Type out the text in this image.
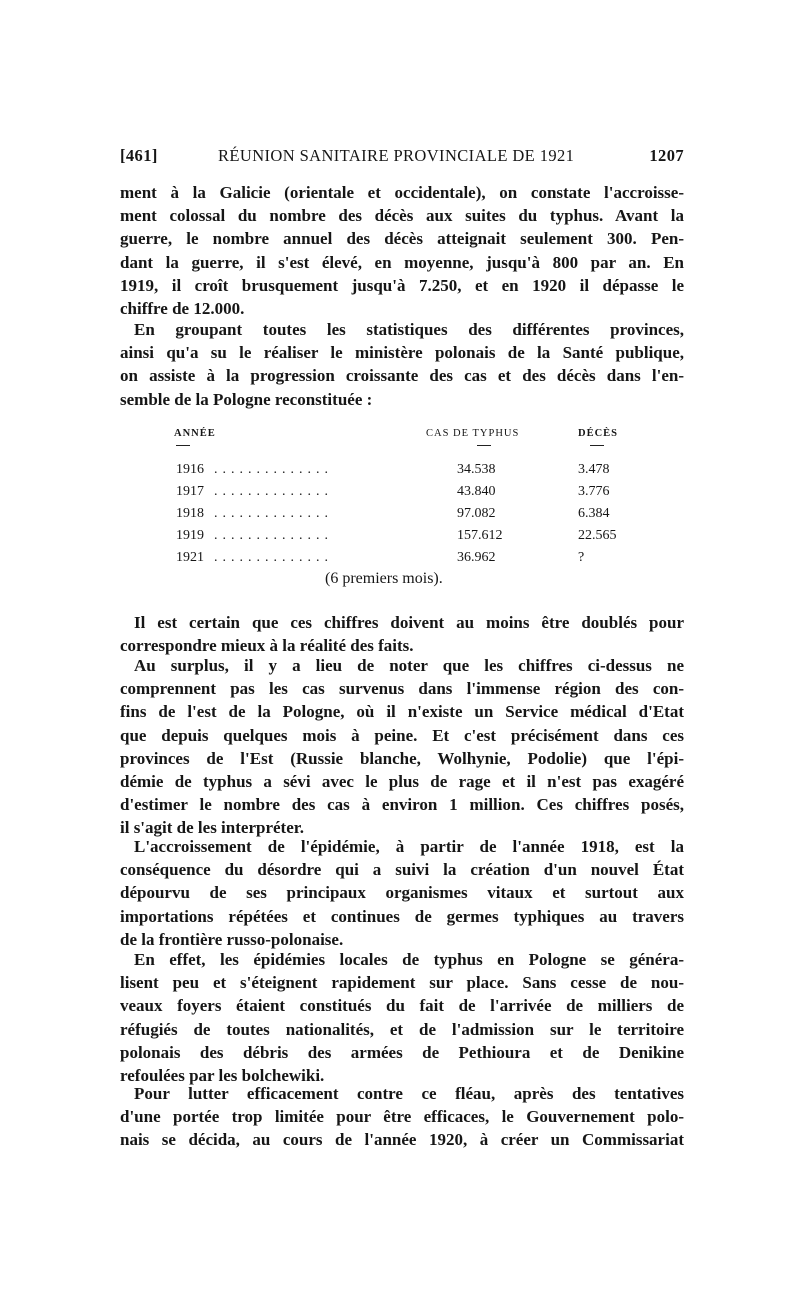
[461]	RÉUNION SANITAIRE PROVINCIALE DE 1921	1207

ment à la Galicie (orientale et occidentale), on constate l'accroisse-
ment colossal du nombre des décès aux suites du typhus. Avant la
guerre, le nombre annuel des décès atteignait seulement 300. Pen-
dant la guerre, il s'est élevé, en moyenne, jusqu'à 800 par an. En
1919, il croît brusquement jusqu'à 7.250, et en 1920 il dépasse le
chiffre de 12.000.

En groupant toutes les statistiques des différentes provinces,
ainsi qu'a su le réaliser le ministère polonais de la Santé publique,
on assiste à la progression croissante des cas et des décès dans l'en-
semble de la Pologne reconstituée :

ANNÉE	CAS DE TYPHUS	DÉCÈS
1916 ..............	34.538	3.478
1917 ..............	43.840	3.776
1918 ..............	97.082	6.384
1919 ..............	157.612	22.565
1921 ..............	36.962	?
(6 premiers mois).

Il est certain que ces chiffres doivent au moins être doublés pour
correspondre mieux à la réalité des faits.

Au surplus, il y a lieu de noter que les chiffres ci-dessus ne
comprennent pas les cas survenus dans l'immense région des con-
fins de l'est de la Pologne, où il n'existe un Service médical d'Etat
que depuis quelques mois à peine. Et c'est précisément dans ces
provinces de l'Est (Russie blanche, Wolhynie, Podolie) que l'épi-
démie de typhus a sévi avec le plus de rage et il n'est pas exagéré
d'estimer le nombre des cas à environ 1 million. Ces chiffres posés,
il s'agit de les interpréter.

L'accroissement de l'épidémie, à partir de l'année 1918, est la
conséquence du désordre qui a suivi la création d'un nouvel État
dépourvu de ses principaux organismes vitaux et surtout aux
importations répétées et continues de germes typhiques au travers
de la frontière russo-polonaise.

En effet, les épidémies locales de typhus en Pologne se généra-
lisent peu et s'éteignent rapidement sur place. Sans cesse de nou-
veaux foyers étaient constitués du fait de l'arrivée de milliers de
réfugiés de toutes nationalités, et de l'admission sur le territoire
polonais des débris des armées de Pethioura et de Denikine
refoulées par les bolchewiki.

Pour lutter efficacement contre ce fléau, après des tentatives
d'une portée trop limitée pour être efficaces, le Gouvernement polo-
nais se décida, au cours de l'année 1920, à créer un Commissariat
